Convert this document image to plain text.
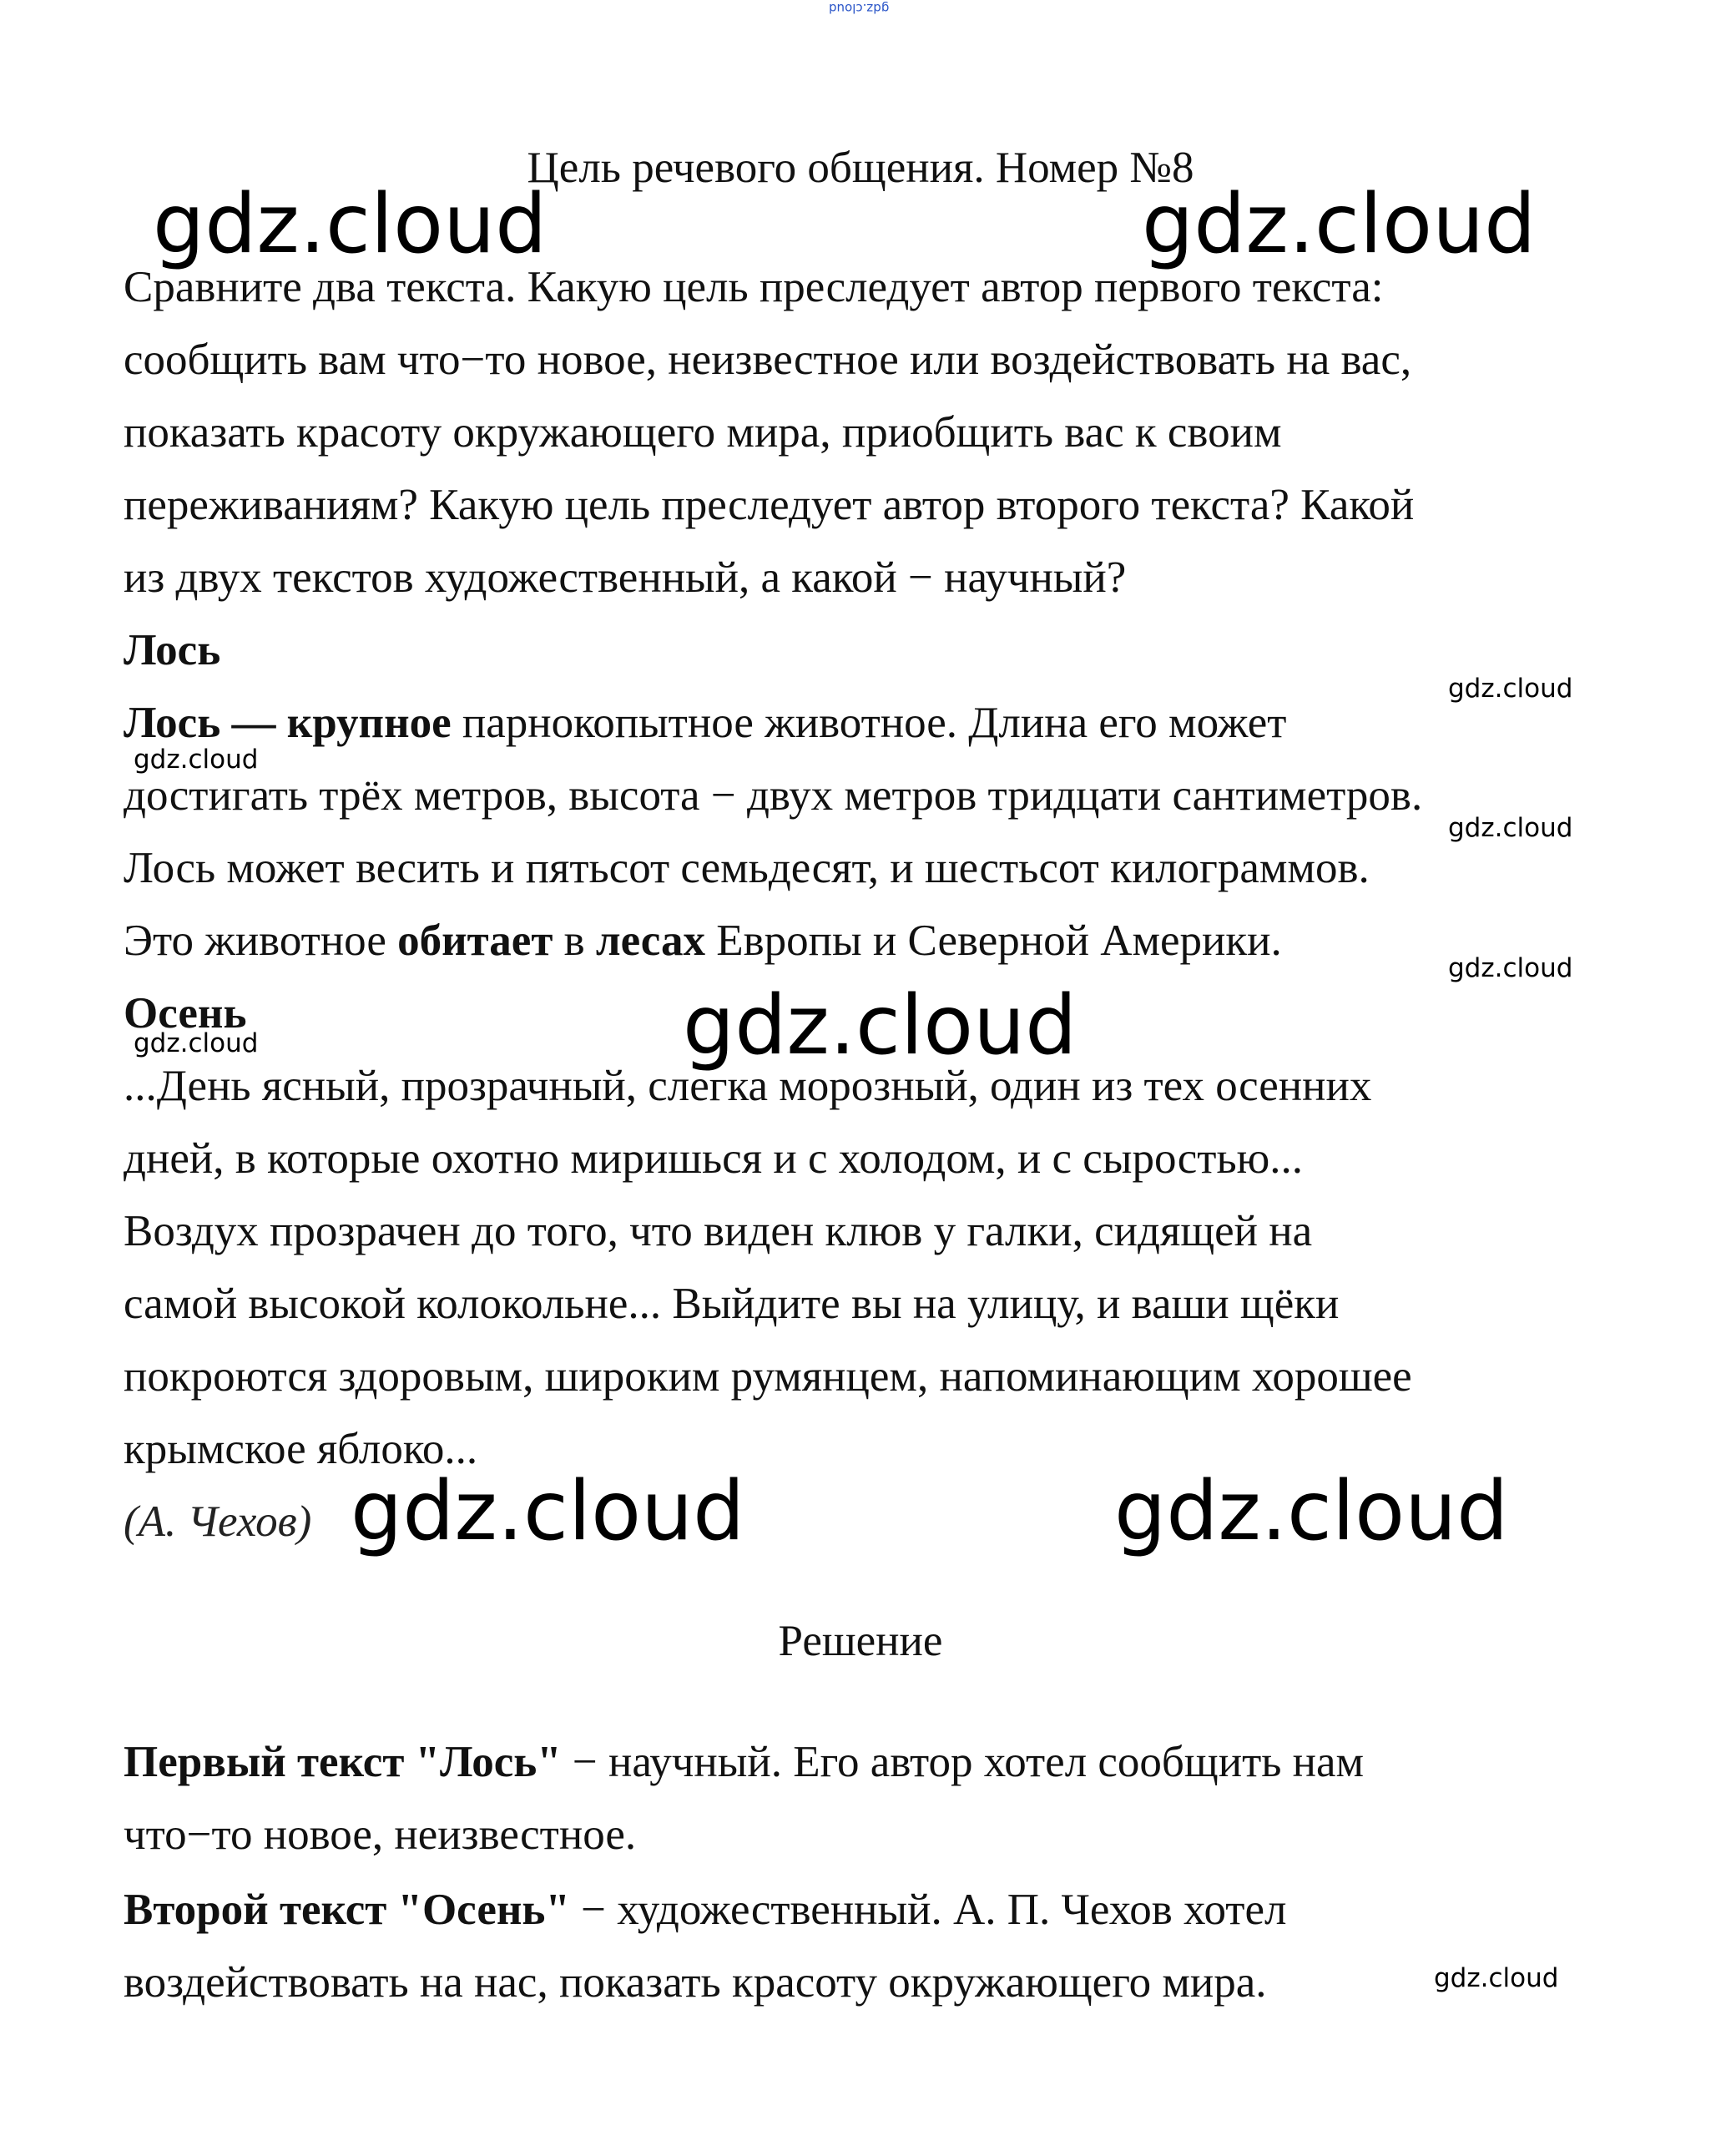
gdz.cloud
Цель речевого общения. Номер №8
Сравните два текста. Какую цель преследует автор первого текста:
сообщить вам что−то новое, неизвестное или воздействовать на вас,
показать красоту окружающего мира, приобщить вас к своим
переживаниям? Какую цель преследует автор второго текста? Какой
из двух текстов художественный, а какой − научный?
Лось
Лось — крупное парнокопытное животное. Длина его может
достигать трёх метров, высота − двух метров тридцати сантиметров.
Лось может весить и пятьсот семьдесят, и шестьсот килограммов.
Это животное обитает в лесах Европы и Северной Америки.
Осень
...День ясный, прозрачный, слегка морозный, один из тех осенних
дней, в которые охотно миришься и с холодом, и с сыростью...
Воздух прозрачен до того, что виден клюв у галки, сидящей на
самой высокой колокольне... Выйдите вы на улицу, и ваши щёки
покроются здоровым, широким румянцем, напоминающим хорошее
крымское яблоко...
(А. Чехов)
Решение
Первый текст "Лось" − научный. Его автор хотел сообщить нам
что−то новое, неизвестное.
Второй текст "Осень" − художественный. А. П. Чехов хотел
воздействовать на нас, показать красоту окружающего мира.
gdz.cloud	gdz.cloud
gdz.cloud
gdz.cloud	gdz.cloud
gdz.cloud
gdz.cloud
gdz.cloud
gdz.cloud
gdz.cloud
gdz.cloud
